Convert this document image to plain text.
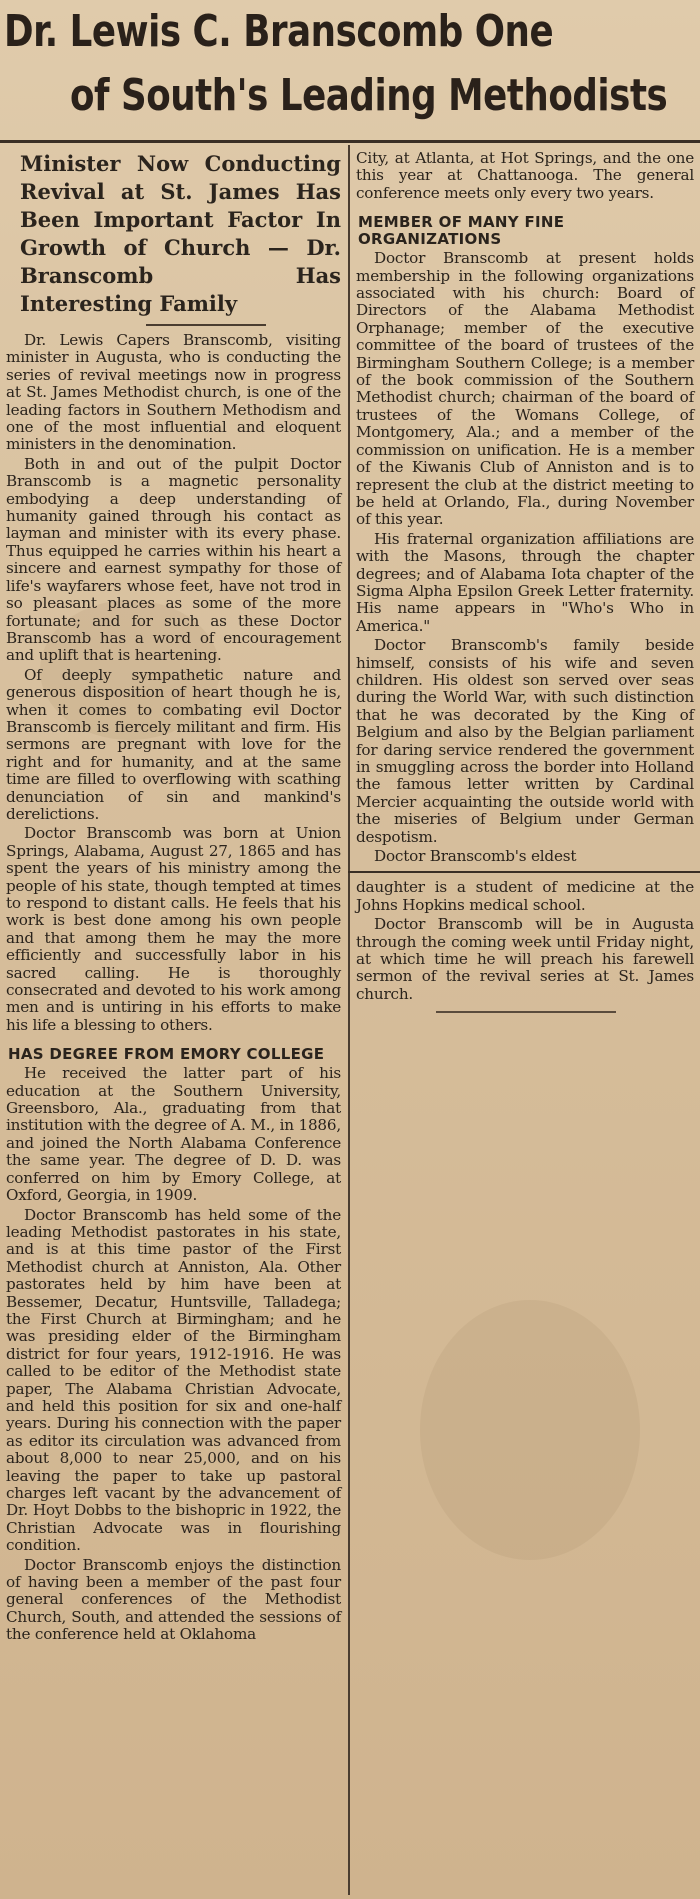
Dr. Lewis C. Branscomb One
of South's Leading Methodists
Minister Now Conducting Revival at St. James Has Been Important Factor In Growth of Church — Dr. Branscomb Has Interesting Family

Dr. Lewis Capers Branscomb, visiting minister in Augusta, who is conducting the series of revival meetings now in progress at St. James Methodist church, is one of the leading factors in Southern Methodism and one of the most influential and eloquent ministers in the denomination.

Both in and out of the pulpit Doctor Branscomb is a magnetic personality embodying a deep understanding of humanity gained through his contact as layman and minister with its every phase. Thus equipped he carries within his heart a sincere and earnest sympathy for those of life's wayfarers whose feet, have not trod in so pleasant places as some of the more fortunate; and for such as these Doctor Branscomb has a word of encouragement and uplift that is heartening.

Of deeply sympathetic nature and generous disposition of heart though he is, when it comes to combating evil Doctor Branscomb is fiercely militant and firm. His sermons are pregnant with love for the right and for humanity, and at the same time are filled to overflowing with scathing denunciation of sin and mankind's derelictions.

Doctor Branscomb was born at Union Springs, Alabama, August 27, 1865 and has spent the years of his ministry among the people of his state, though tempted at times to respond to distant calls. He feels that his work is best done among his own people and that among them he may the more efficiently and successfully labor in his sacred calling. He is thoroughly consecrated and devoted to his work among men and is untiring in his efforts to make his life a blessing to others.

HAS DEGREE FROM EMORY COLLEGE

He received the latter part of his education at the Southern University, Greensboro, Ala., graduating from that institution with the degree of A. M., in 1886, and joined the North Alabama Conference the same year. The degree of D. D. was conferred on him by Emory College, at Oxford, Georgia, in 1909.

Doctor Branscomb has held some of the leading Methodist pastorates in his state, and is at this time pastor of the First Methodist church at Anniston, Ala. Other pastorates held by him have been at Bessemer, Decatur, Huntsville, Talladega; the First Church at Birmingham; and he was presiding elder of the Birmingham district for four years, 1912-1916. He was called to be editor of the Methodist state paper, The Alabama Christian Advocate, and held this position for six and one-half years. During his connection with the paper as editor its circulation was advanced from about 8,000 to near 25,000, and on his leaving the paper to take up pastoral charges left vacant by the advancement of Dr. Hoyt Dobbs to the bishopric in 1922, the Christian Advocate was in flourishing condition.

Doctor Branscomb enjoys the distinction of having been a member of the past four general conferences of the Methodist Church, South, and attended the sessions of the conference held at Oklahoma

City, at Atlanta, at Hot Springs, and the one this year at Chattanooga. The general conference meets only every two years.

MEMBER OF MANY FINE ORGANIZATIONS

Doctor Branscomb at present holds membership in the following organizations associated with his church: Board of Directors of the Alabama Methodist Orphanage; member of the executive committee of the board of trustees of the Birmingham Southern College; is a member of the book commission of the Southern Methodist church; chairman of the board of trustees of the Womans College, of Montgomery, Ala.; and a member of the commission on unification. He is a member of the Kiwanis Club of Anniston and is to represent the club at the district meeting to be held at Orlando, Fla., during November of this year.

His fraternal organization affiliations are with the Masons, through the chapter degrees; and of Alabama Iota chapter of the Sigma Alpha Epsilon Greek Letter fraternity. His name appears in "Who's Who in America."

Doctor Branscomb's family beside himself, consists of his wife and seven children. His oldest son served over seas during the World War, with such distinction that he was decorated by the King of Belgium and also by the Belgian parliament for daring service rendered the government in smuggling across the border into Holland the famous letter written by Cardinal Mercier acquainting the outside world with the miseries of Belgium under German despotism.

Doctor Branscomb's eldest

daughter is a student of medicine at the Johns Hopkins medical school.

Doctor Branscomb will be in Augusta through the coming week until Friday night, at which time he will preach his farewell sermon of the revival series at St. James church.
